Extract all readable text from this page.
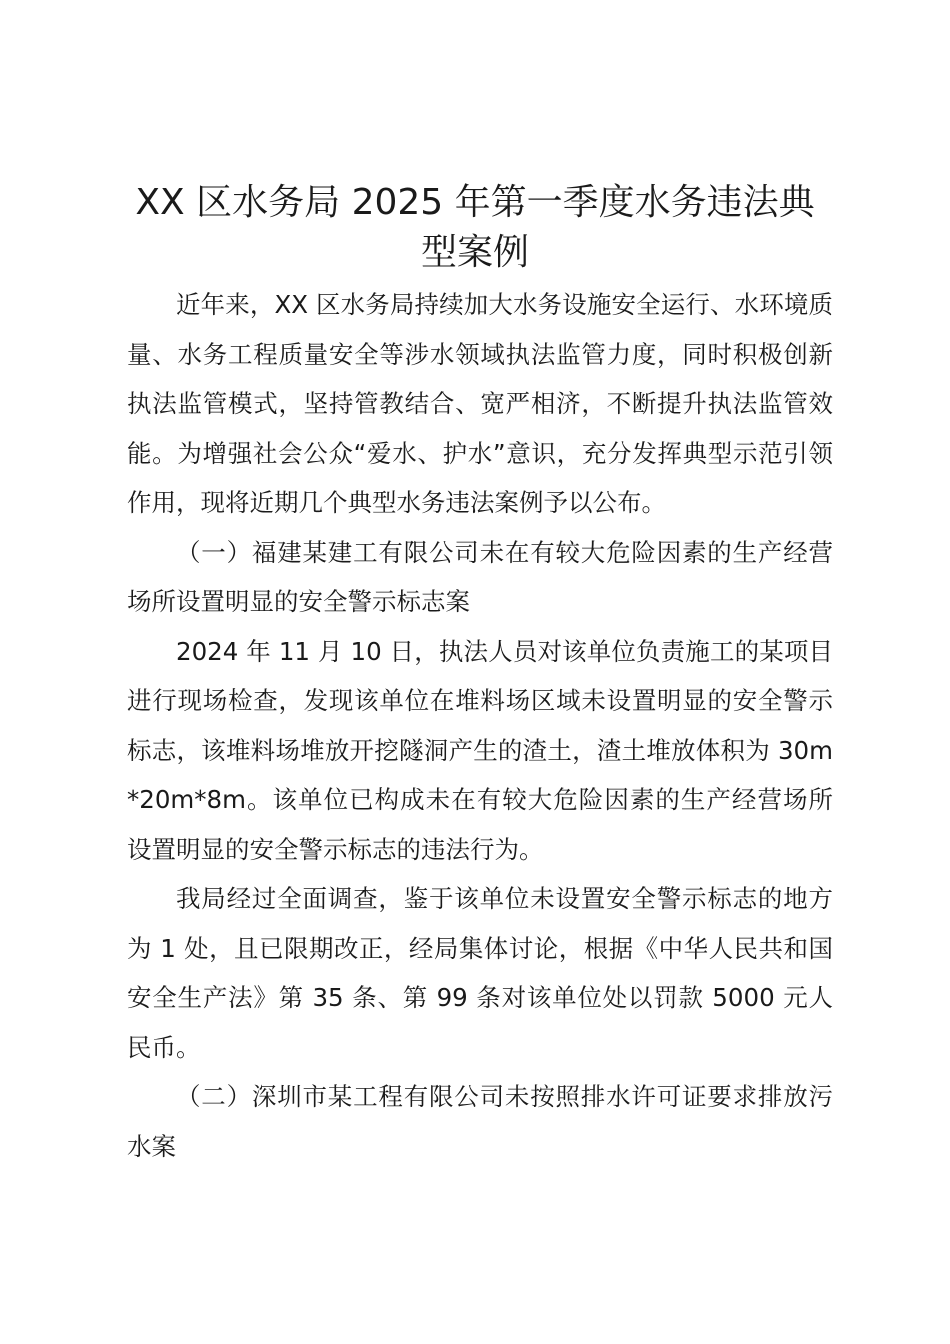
XX 区水务局 2025 年第一季度水务违法典型案例

近年来，XX 区水务局持续加大水务设施安全运行、水环境质量、水务工程质量安全等涉水领域执法监管力度，同时积极创新执法监管模式，坚持管教结合、宽严相济，不断提升执法监管效能。为增强社会公众“爱水、护水”意识，充分发挥典型示范引领作用，现将近期几个典型水务违法案例予以公布。

（一）福建某建工有限公司未在有较大危险因素的生产经营场所设置明显的安全警示标志案

2024 年 11 月 10 日，执法人员对该单位负责施工的某项目进行现场检查，发现该单位在堆料场区域未设置明显的安全警示标志，该堆料场堆放开挖隧洞产生的渣土，渣土堆放体积为 30m*20m*8m。该单位已构成未在有较大危险因素的生产经营场所设置明显的安全警示标志的违法行为。

我局经过全面调查，鉴于该单位未设置安全警示标志的地方为 1 处，且已限期改正，经局集体讨论，根据《中华人民共和国安全生产法》第 35 条、第 99 条对该单位处以罚款 5000 元人民币。

（二）深圳市某工程有限公司未按照排水许可证要求排放污水案
